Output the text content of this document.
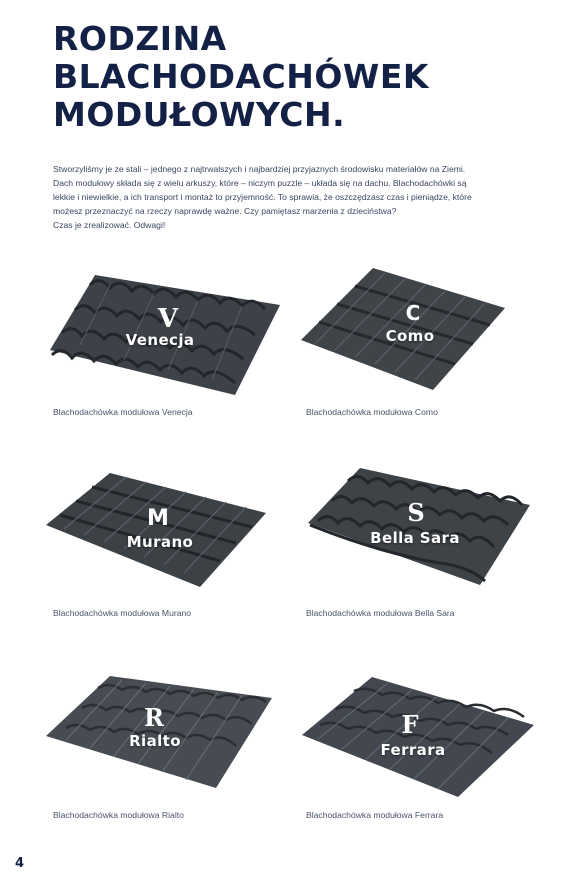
RODZINA
BLACHODACHÓWEK
MODUŁOWYCH.
Stworzyliśmy je ze stali – jednego z najtrwalszych i najbardziej przyjaznych środowisku materiałów na Ziemi.
Dach modułowy składa się z wielu arkuszy, które – niczym puzzle – układa się na dachu. Blachodachówki są
lekkie i niewielkie, a ich transport i montaż to przyjemność. To sprawia, że oszczędzasz czas i pieniądze, które
możesz przeznaczyć na rzeczy naprawdę ważne. Czy pamiętasz marzenia z dzieciństwa?
Czas je zrealizować. Odwagi!
V
Venecja
Blachodachówka modułowa Venecja
C
Como
Blachodachówka modułowa Como
M
Murano
Blachodachówka modułowa Murano
S
Bella Sara
Blachodachówka modułowa Bella Sara
R
Rialto
Blachodachówka modułowa Rialto
F
Ferrara
Blachodachówka modułowa Ferrara
4
